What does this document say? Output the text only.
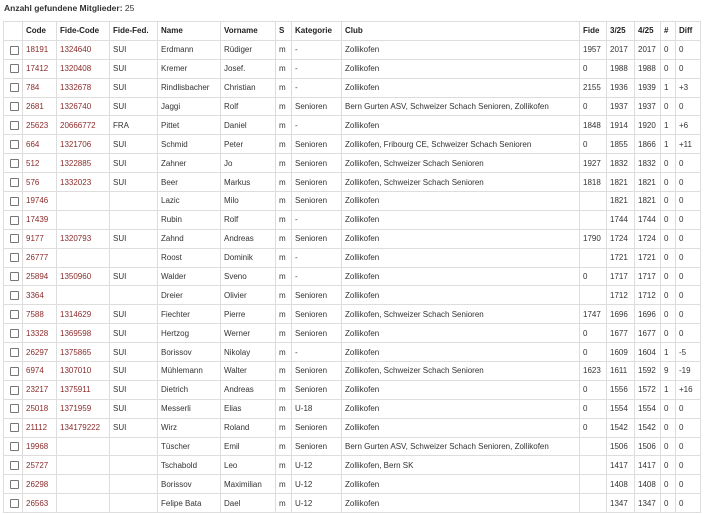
Anzahl gefundene Mitglieder: 25
	Code	Fide-Code	Fide-Fed.	Name	Vorname	S	Kategorie	Club	Fide	3/25	4/25	#	Diff
	18191	1324640	SUI	Erdmann	Rüdiger	m	-	Zollikofen	1957	2017	2017	0	0
	17412	1320408	SUI	Kremer	Josef.	m	-	Zollikofen	0	1988	1988	0	0
	784	1332678	SUI	Rindlisbacher	Christian	m	-	Zollikofen	2155	1936	1939	1	+3
	2681	1326740	SUI	Jaggi	Rolf	m	Senioren	Bern Gurten ASV, Schweizer Schach Senioren, Zollikofen	0	1937	1937	0	0
	25623	20666772	FRA	Pittet	Daniel	m	-	Zollikofen	1848	1914	1920	1	+6
	664	1321706	SUI	Schmid	Peter	m	Senioren	Zollikofen, Fribourg CE, Schweizer Schach Senioren	0	1855	1866	1	+11
	512	1322885	SUI	Zahner	Jo	m	Senioren	Zollikofen, Schweizer Schach Senioren	1927	1832	1832	0	0
	576	1332023	SUI	Beer	Markus	m	Senioren	Zollikofen, Schweizer Schach Senioren	1818	1821	1821	0	0
	19746			Lazic	Milo	m	Senioren	Zollikofen		1821	1821	0	0
	17439			Rubin	Rolf	m	-	Zollikofen		1744	1744	0	0
	9177	1320793	SUI	Zahnd	Andreas	m	Senioren	Zollikofen	1790	1724	1724	0	0
	26777			Roost	Dominik	m	-	Zollikofen		1721	1721	0	0
	25894	1350960	SUI	Walder	Sveno	m	-	Zollikofen	0	1717	1717	0	0
	3364			Dreier	Olivier	m	Senioren	Zollikofen		1712	1712	0	0
	7588	1314629	SUI	Fiechter	Pierre	m	Senioren	Zollikofen, Schweizer Schach Senioren	1747	1696	1696	0	0
	13328	1369598	SUI	Hertzog	Werner	m	Senioren	Zollikofen	0	1677	1677	0	0
	26297	1375865	SUI	Borissov	Nikolay	m	-	Zollikofen	0	1609	1604	1	-5
	6974	1307010	SUI	Mühlemann	Walter	m	Senioren	Zollikofen, Schweizer Schach Senioren	1623	1611	1592	9	-19
	23217	1375911	SUI	Dietrich	Andreas	m	Senioren	Zollikofen	0	1556	1572	1	+16
	25018	1371959	SUI	Messerli	Elias	m	U-18	Zollikofen	0	1554	1554	0	0
	21112	134179222	SUI	Wirz	Roland	m	Senioren	Zollikofen	0	1542	1542	0	0
	19968			Tüscher	Emil	m	Senioren	Bern Gurten ASV, Schweizer Schach Senioren, Zollikofen		1506	1506	0	0
	25727			Tschabold	Leo	m	U-12	Zollikofen, Bern SK		1417	1417	0	0
	26298			Borissov	Maximilian	m	U-12	Zollikofen		1408	1408	0	0
	26563			Felipe Bata	Dael	m	U-12	Zollikofen		1347	1347	0	0
